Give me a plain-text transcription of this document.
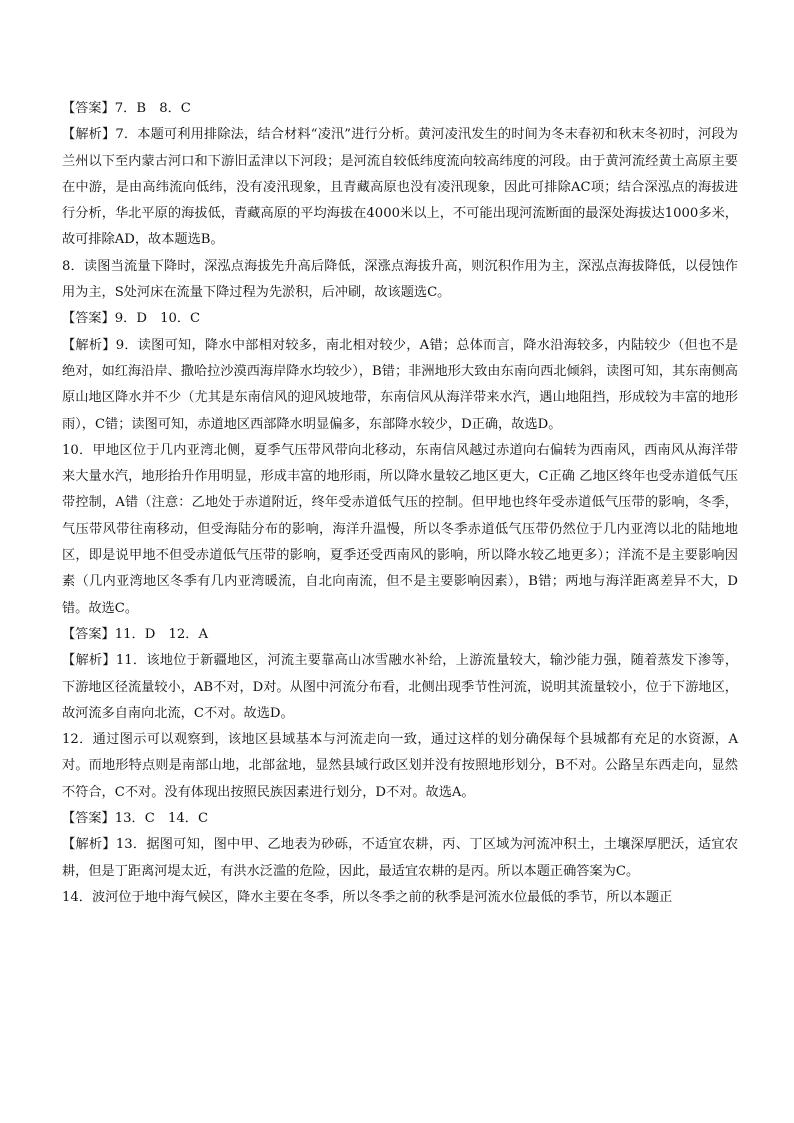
【答案】7．B　8．C

【解析】7．本题可利用排除法，结合材料“凌汛”进行分析。黄河凌汛发生的时间为冬末春初和秋末冬初时，河段为兰州以下至内蒙古河口和下游旧孟津以下河段；是河流自较低纬度流向较高纬度的河段。由于黄河流经黄土高原主要在中游，是由高纬流向低纬，没有凌汛现象，且青藏高原也没有凌汛现象，因此可排除AC项；结合深泓点的海拔进行分析，华北平原的海拔低，青藏高原的平均海拔在4000米以上，不可能出现河流断面的最深处海拔达1000多米，故可排除AD，故本题选B。

8．读图当流量下降时，深泓点海拔先升高后降低，深涨点海拔升高，则沉积作用为主，深泓点海拔降低，以侵蚀作用为主，S处河床在流量下降过程为先淤积，后冲刷，故该题选C。

【答案】9．D　10．C

【解析】9．读图可知，降水中部相对较多，南北相对较少，A错；总体而言，降水沿海较多，内陆较少（但也不是绝对，如红海沿岸、撒哈拉沙漠西海岸降水均较少），B错；非洲地形大致由东南向西北倾斜，读图可知，其东南侧高原山地区降水并不少（尤其是东南信风的迎风坡地带，东南信风从海洋带来水汽，遇山地阻挡，形成较为丰富的地形雨），C错；读图可知，赤道地区西部降水明显偏多，东部降水较少，D正确，故选D。

10．甲地区位于几内亚湾北侧，夏季气压带风带向北移动，东南信风越过赤道向右偏转为西南风，西南风从海洋带来大量水汽，地形抬升作用明显，形成丰富的地形雨，所以降水量较乙地区更大，C正确 乙地区终年也受赤道低气压带控制，A错（注意：乙地处于赤道附近，终年受赤道低气压的控制。但甲地也终年受赤道低气压带的影响，冬季，气压带风带往南移动，但受海陆分布的影响，海洋升温慢，所以冬季赤道低气压带仍然位于几内亚湾以北的陆地地区，即是说甲地不但受赤道低气压带的影响，夏季还受西南风的影响，所以降水较乙地更多）；洋流不是主要影响因素（几内亚湾地区冬季有几内亚湾暖流，自北向南流，但不是主要影响因素），B错；两地与海洋距离差异不大，D错。故选C。

【答案】11．D　12．A

【解析】11．该地位于新疆地区，河流主要靠高山冰雪融水补给，上游流量较大，输沙能力强，随着蒸发下渗等，下游地区径流量较小，AB不对，D对。从图中河流分布看，北侧出现季节性河流，说明其流量较小，位于下游地区，故河流多自南向北流，C不对。故选D。

12．通过图示可以观察到，该地区县域基本与河流走向一致，通过这样的划分确保每个县城都有充足的水资源，A对。而地形特点则是南部山地，北部盆地，显然县域行政区划并没有按照地形划分，B不对。公路呈东西走向，显然不符合，C不对。没有体现出按照民族因素进行划分，D不对。故选A。

【答案】13．C　14．C

【解析】13．据图可知，图中甲、乙地表为砂砾，不适宜农耕，丙、丁区域为河流冲积土，土壤深厚肥沃，适宜农耕，但是丁距离河堤太近，有洪水泛滥的危险，因此，最适宜农耕的是丙。所以本题正确答案为C。

14．波河位于地中海气候区，降水主要在冬季，所以冬季之前的秋季是河流水位最低的季节，所以本题正
